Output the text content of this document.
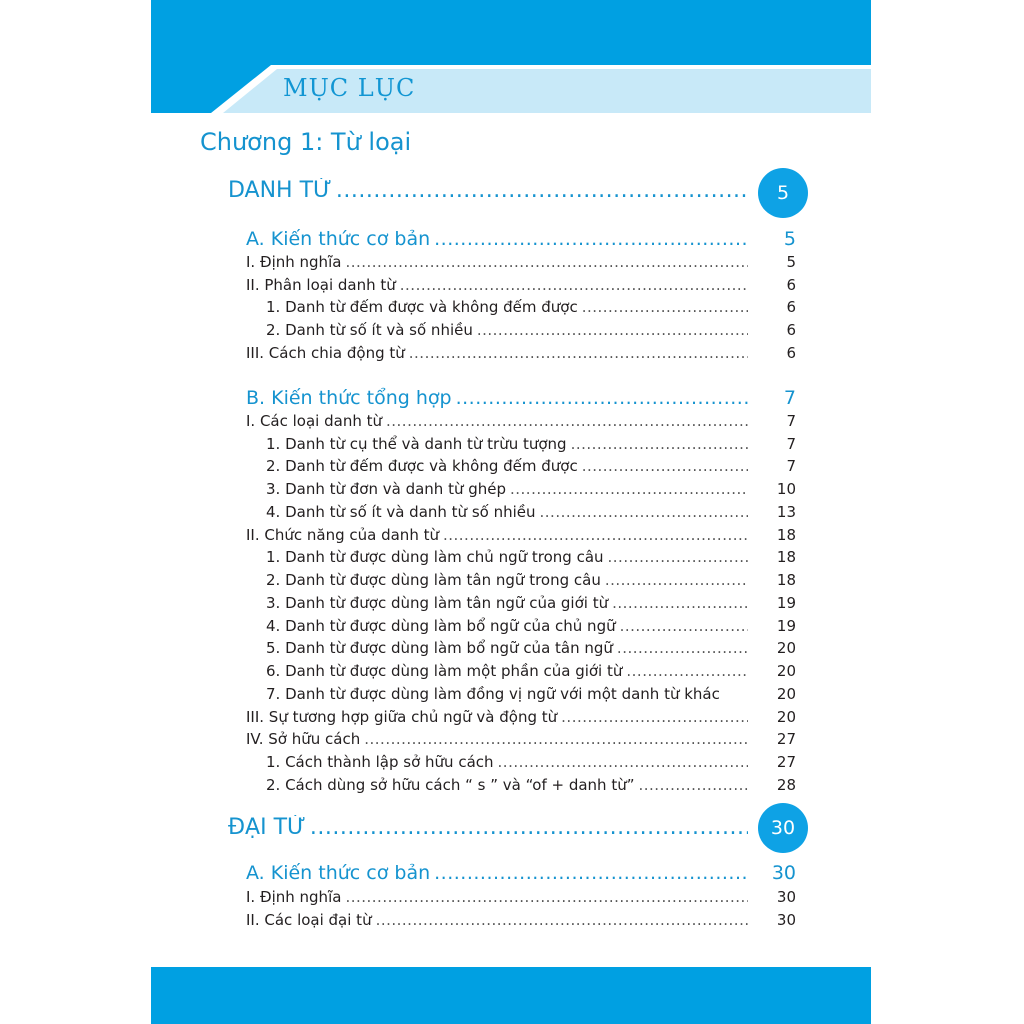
MỤC LỤC
Chương 1: Từ loại
DANH TỪ .....	5
A. Kiến thức cơ bản .....	5
I. Định nghĩa .....	5
II. Phân loại danh từ .....	6
1. Danh từ đếm được và không đếm được .....	6
2. Danh từ số ít và số nhiều .....	6
III. Cách chia động từ .....	6
B. Kiến thức tổng hợp .....	7
I. Các loại danh từ .....	7
1. Danh từ cụ thể và danh từ trừu tượng .....	7
2. Danh từ đếm được và không đếm được .....	7
3. Danh từ đơn và danh từ ghép .....	10
4. Danh từ số ít và danh từ số nhiều .....	13
II. Chức năng của danh từ .....	18
1. Danh từ được dùng làm chủ ngữ trong câu .....	18
2. Danh từ được dùng làm tân ngữ trong câu .....	18
3. Danh từ được dùng làm tân ngữ của giới từ .....	19
4. Danh từ được dùng làm bổ ngữ của chủ ngữ .....	19
5. Danh từ được dùng làm bổ ngữ của tân ngữ .....	20
6. Danh từ được dùng làm một phần của giới từ .....	20
7. Danh từ được dùng làm đồng vị ngữ với một danh từ khác	20
III. Sự tương hợp giữa chủ ngữ và động từ .....	20
IV. Sở hữu cách .....	27
1. Cách thành lập sở hữu cách .....	27
2. Cách dùng sở hữu cách “ s ” và “of + danh từ” .....	28
ĐẠI TỪ .....	30
A. Kiến thức cơ bản .....	30
I. Định nghĩa .....	30
II. Các loại đại từ .....	30
